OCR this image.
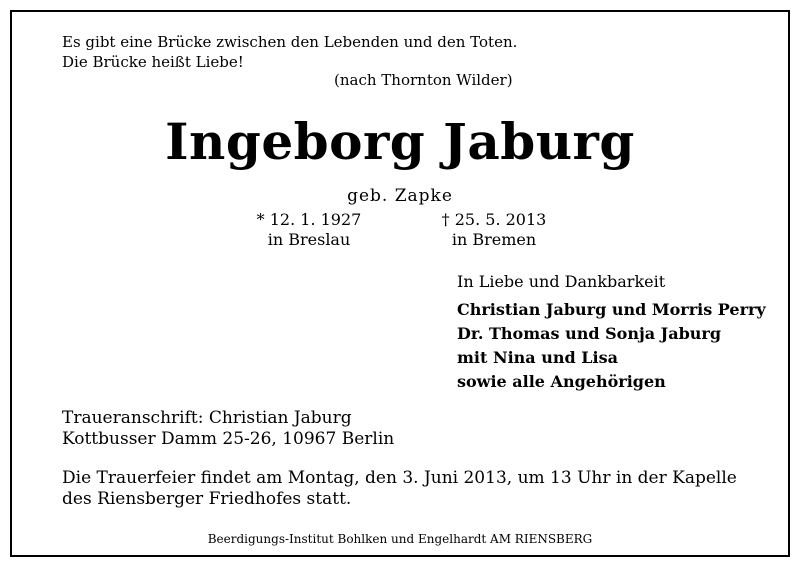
Es gibt eine Brücke zwischen den Lebenden und den Toten.
Die Brücke heißt Liebe!
(nach Thornton Wilder)
Ingeborg Jaburg
geb. Zapke
* 12. 1. 1927
in Breslau
† 25. 5. 2013
in Bremen
In Liebe und Dankbarkeit
Christian Jaburg und Morris Perry
Dr. Thomas und Sonja Jaburg
mit Nina und Lisa
sowie alle Angehörigen
Traueranschrift: Christian Jaburg
Kottbusser Damm 25-26, 10967 Berlin
Die Trauerfeier findet am Montag, den 3. Juni 2013, um 13 Uhr in der Kapelle
des Riensberger Friedhofes statt.
Beerdigungs-Institut Bohlken und Engelhardt AM RIENSBERG
